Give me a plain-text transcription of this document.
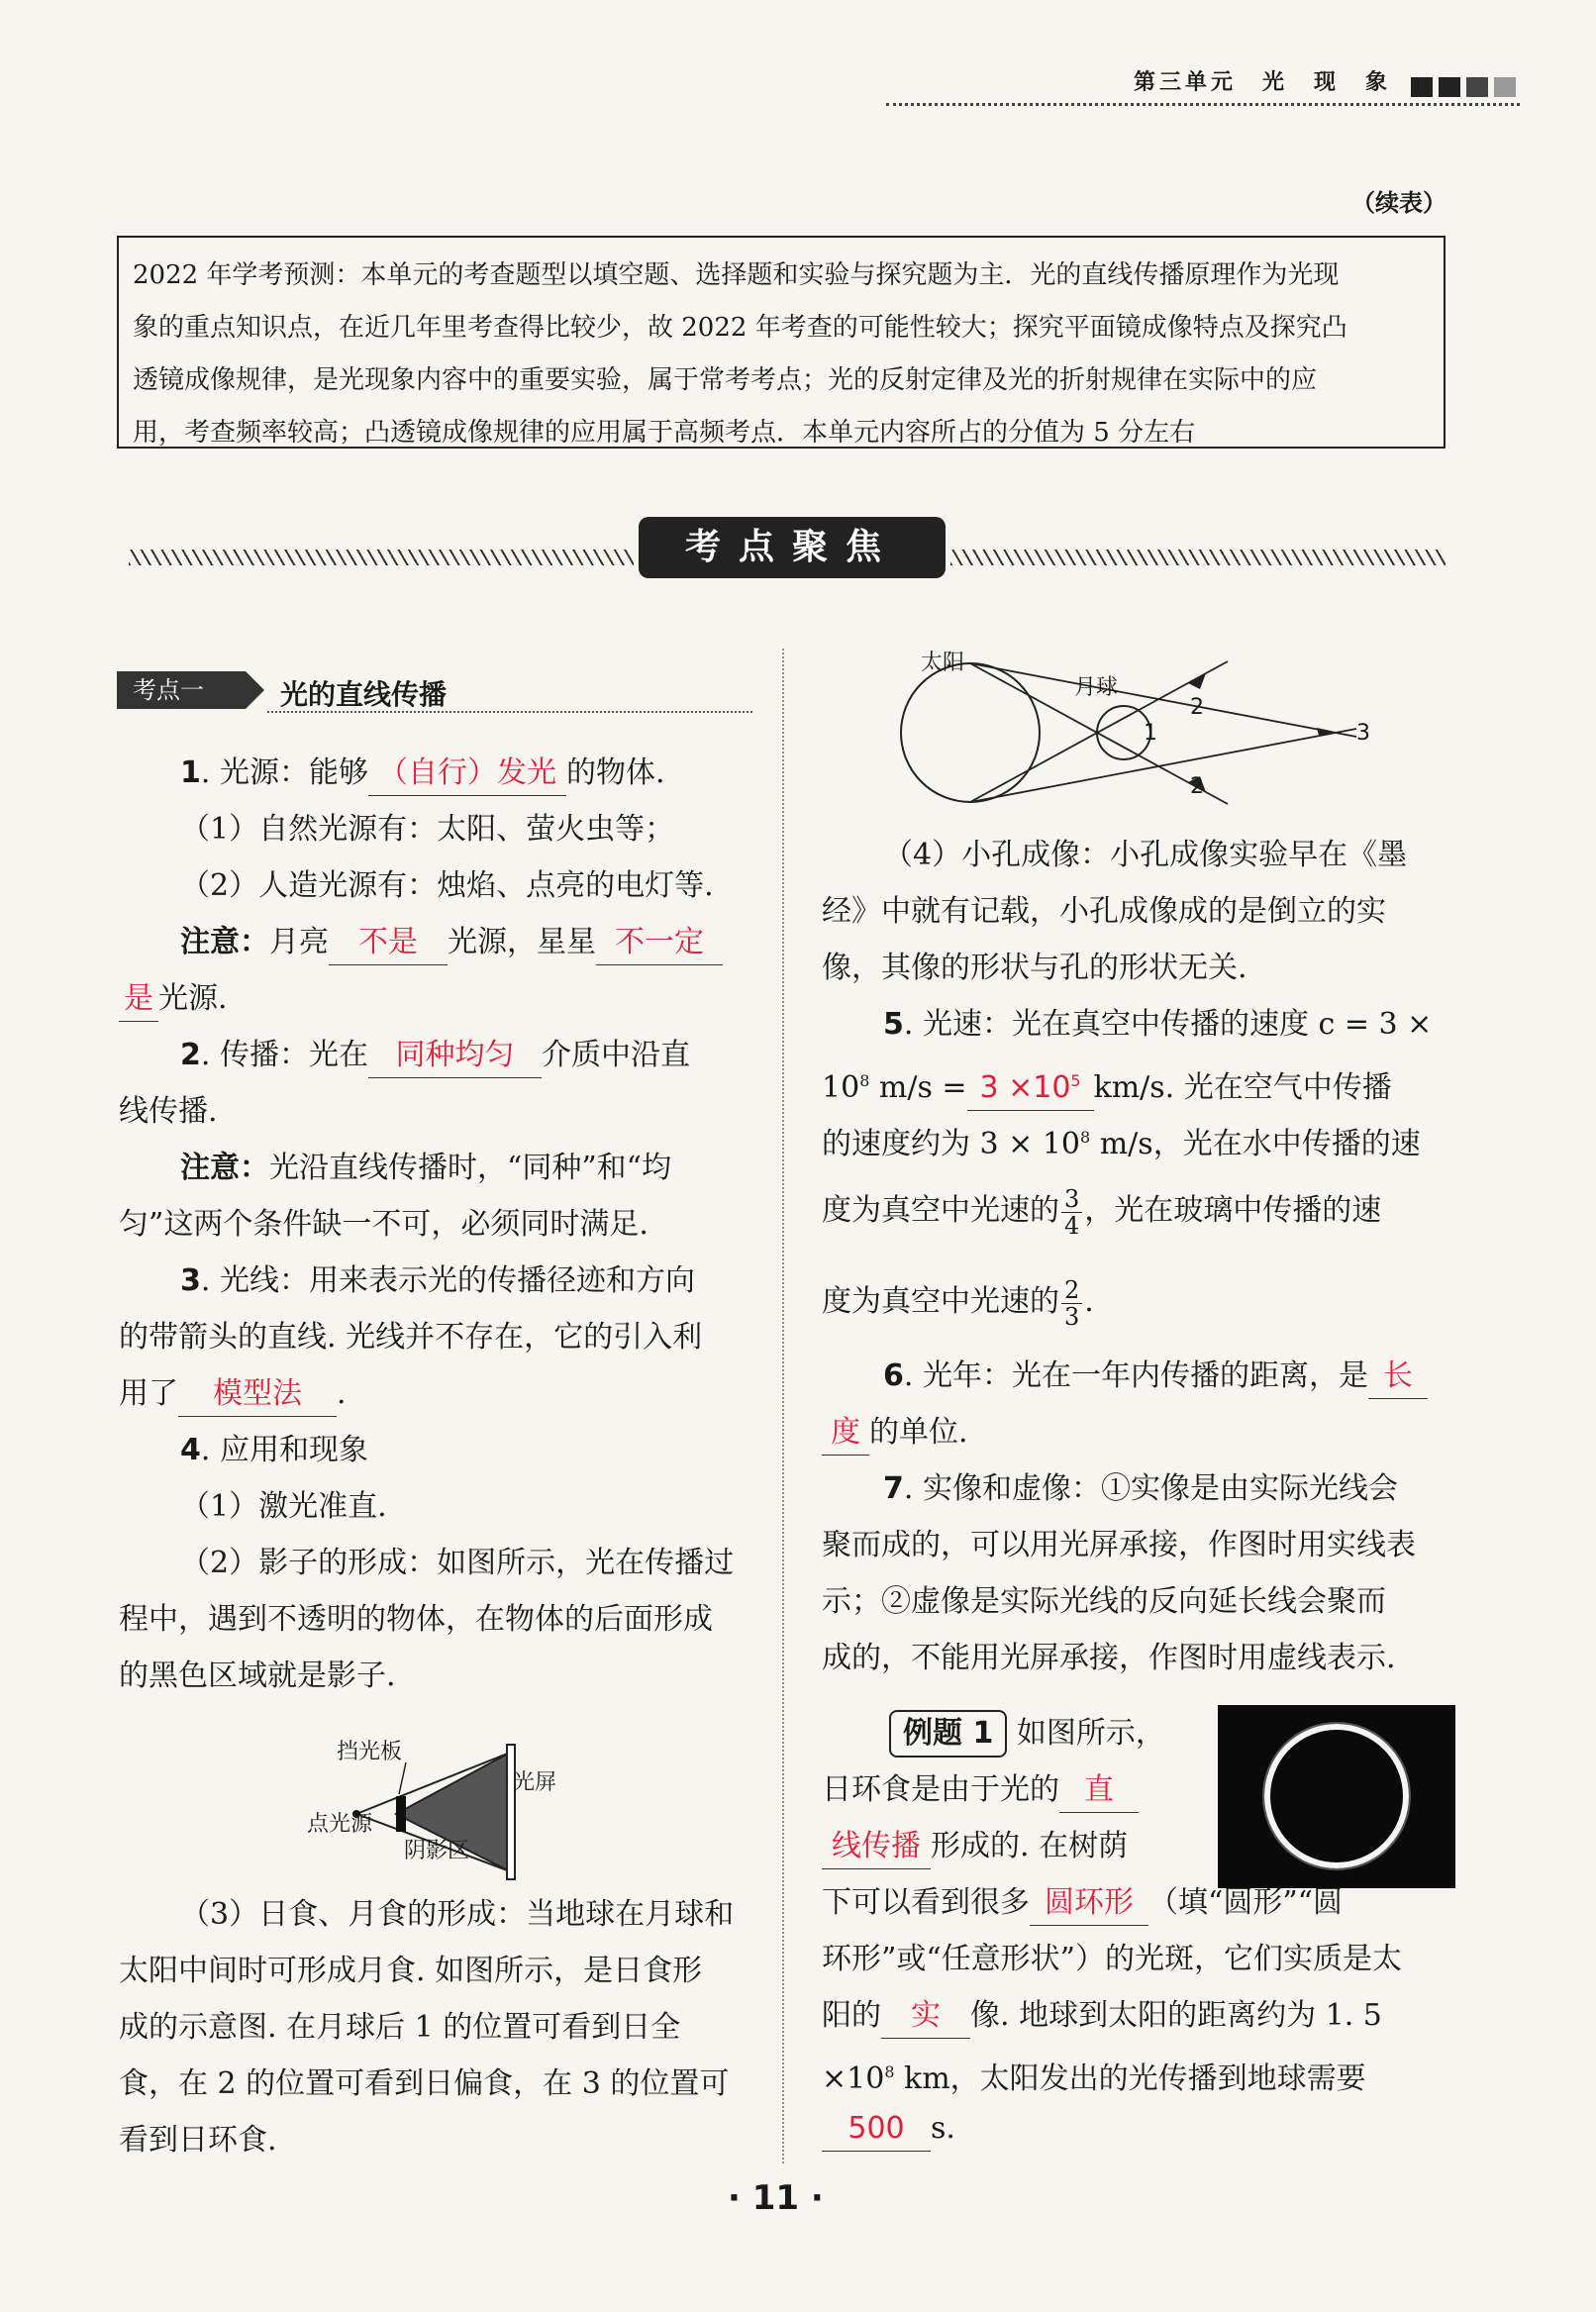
第三单元　光　现　象
（续表）
2022 年学考预测：本单元的考查题型以填空题、选择题和实验与探究题为主．光的直线传播原理作为光现
象的重点知识点，在近几年里考查得比较少，故 2022 年考查的可能性较大；探究平面镜成像特点及探究凸
透镜成像规律，是光现象内容中的重要实验，属于常考考点；光的反射定律及光的折射规律在实际中的应
用，考查频率较高；凸透镜成像规律的应用属于高频考点．本单元内容所占的分值为 5 分左右
考点聚焦
考点一	光的直线传播
1. 光源：能够 （自行）发光 的物体.
（1）自然光源有：太阳、萤火虫等；
（2）人造光源有：烛焰、点亮的电灯等.
注意：月亮 不是 光源，星星 不一定
是 光源.
2. 传播：光在 同种均匀 介质中沿直
线传播.
注意：光沿直线传播时，“同种”和“均
匀”这两个条件缺一不可，必须同时满足.
3. 光线：用来表示光的传播径迹和方向
的带箭头的直线. 光线并不存在，它的引入利
用了 模型法 .
4. 应用和现象
（1）激光准直.
（2）影子的形成：如图所示，光在传播过
程中，遇到不透明的物体，在物体的后面形成
的黑色区域就是影子.
挡光板
光屏
点光源
阴影区
（3）日食、月食的形成：当地球在月球和
太阳中间时可形成月食. 如图所示，是日食形
成的示意图. 在月球后 1 的位置可看到日全
食，在 2 的位置可看到日偏食，在 3 的位置可
看到日环食.
太阳
月球
1
2
2
3
（4）小孔成像：小孔成像实验早在《墨
经》中就有记载，小孔成像成的是倒立的实
像，其像的形状与孔的形状无关.
5. 光速：光在真空中传播的速度 c = 3 ×
$10^8$ $m/s = 3 \times 10^5$ km/s. 光在空气中传播
的速度约为 $3 \times 10^8$ m/s，光在水中传播的速
度为真空中光速的 $\frac{3}{4}$ ，光在玻璃中传播的速
度为真空中光速的 $\frac{2}{3}$ .
6. 光年：光在一年内传播的距离，是 长
度 的单位.
7. 实像和虚像：①实像是由实际光线会
聚而成的，可以用光屏承接，作图时用实线表
示；②虚像是实际光线的反向延长线会聚而
成的，不能用光屏承接，作图时用虚线表示.
例题 1 如图所示，
日环食是由于光的 直
线传播 形成的. 在树荫
下可以看到很多 圆环形 （填“圆形”“圆
环形”或“任意形状”）的光斑，它们实质是太
阳的 实 像. 地球到太阳的距离约为 1. 5
$\times 10^8$ km，太阳发出的光传播到地球需要
500 s.
· 11 ·
